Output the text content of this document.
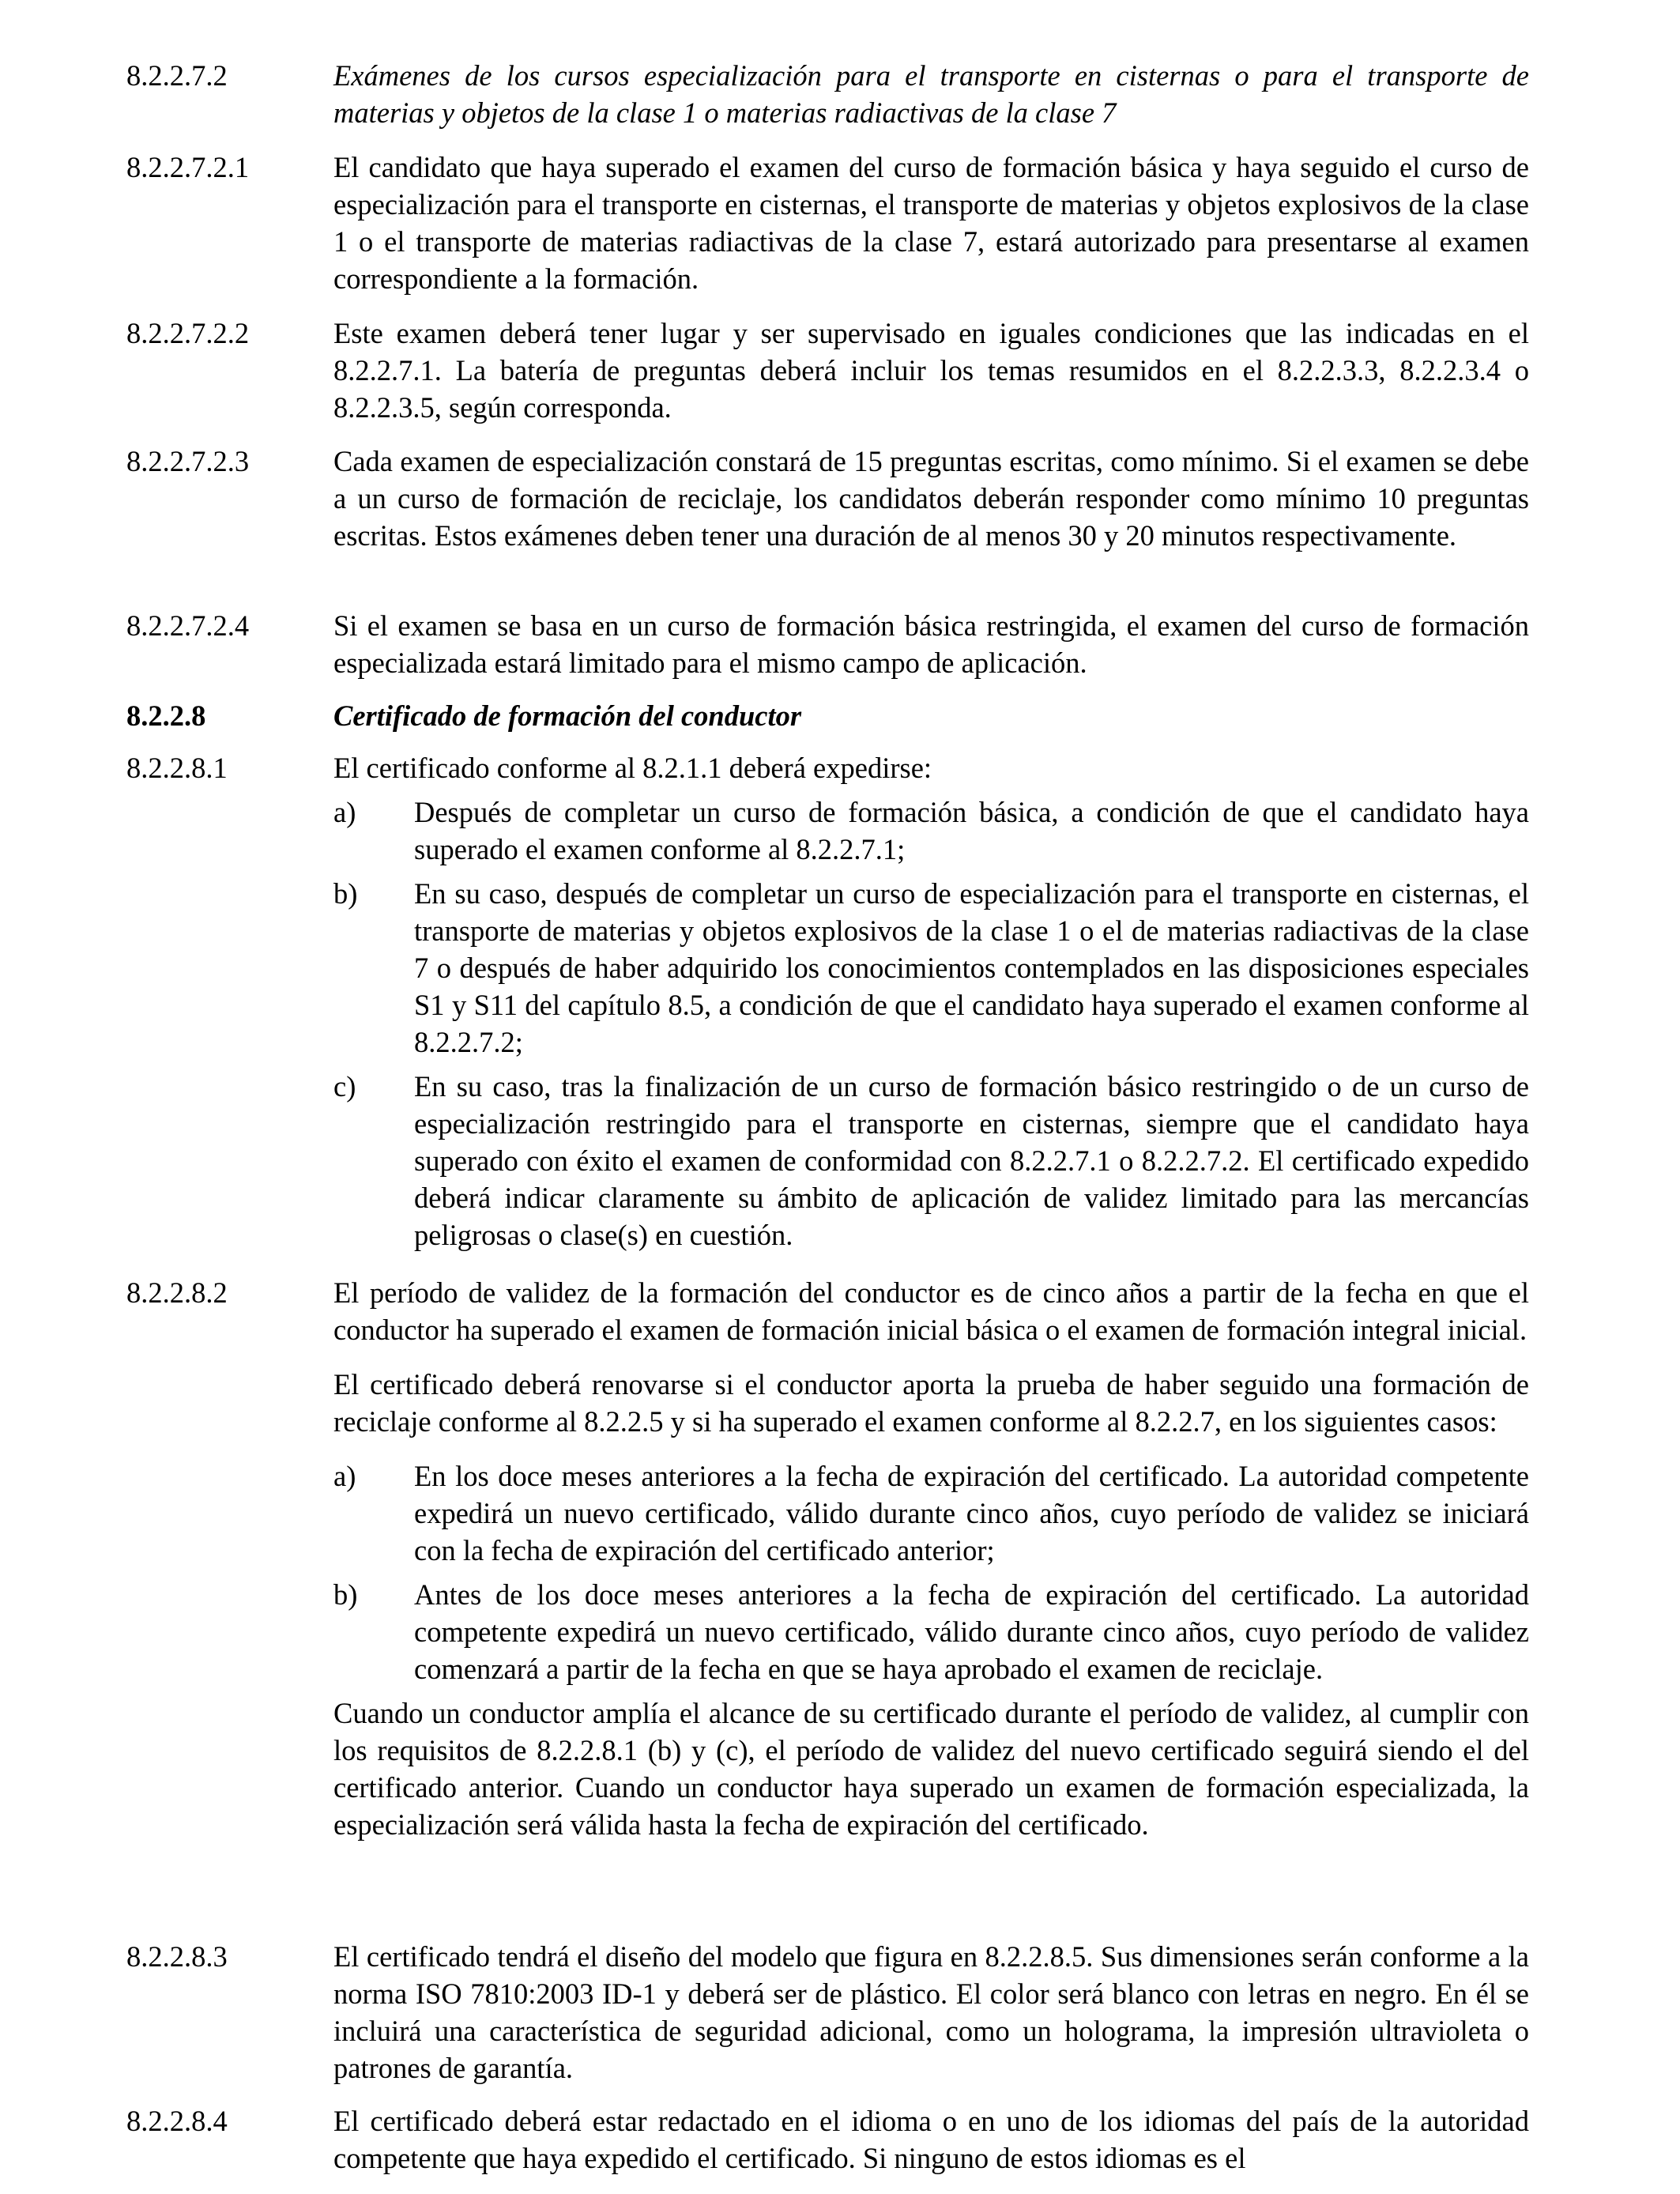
8.2.2.7.2	Exámenes de los cursos especialización para el transporte en cisternas o para el transporte de materias y objetos de la clase 1 o materias radiactivas de la clase 7

8.2.2.7.2.1	El candidato que haya superado el examen del curso de formación básica y haya seguido el curso de especialización para el transporte en cisternas, el transporte de materias y objetos explosivos de la clase 1 o el transporte de materias radiactivas de la clase 7, estará autorizado para presentarse al examen correspondiente a la formación.

8.2.2.7.2.2	Este examen deberá tener lugar y ser supervisado en iguales condiciones que las indicadas en el 8.2.2.7.1. La batería de preguntas deberá incluir los temas resumidos en el 8.2.2.3.3, 8.2.2.3.4 o 8.2.2.3.5, según corresponda.

8.2.2.7.2.3	Cada examen de especialización constará de 15 preguntas escritas, como mínimo. Si el examen se debe a un curso de formación de reciclaje, los candidatos deberán responder como mínimo 10 preguntas escritas. Estos exámenes deben tener una duración de al menos 30 y 20 minutos respectivamente.

8.2.2.7.2.4	Si el examen se basa en un curso de formación básica restringida, el examen del curso de formación especializada estará limitado para el mismo campo de aplicación.

8.2.2.8	Certificado de formación del conductor

8.2.2.8.1	El certificado conforme al 8.2.1.1 deberá expedirse:

a) Después de completar un curso de formación básica, a condición de que el candidato haya superado el examen conforme al 8.2.2.7.1;
b) En su caso, después de completar un curso de especialización para el transporte en cisternas, el transporte de materias y objetos explosivos de la clase 1 o el de materias radiactivas de la clase 7 o después de haber adquirido los conocimientos contemplados en las disposiciones especiales S1 y S11 del capítulo 8.5, a condición de que el candidato haya superado el examen conforme al 8.2.2.7.2;
c) En su caso, tras la finalización de un curso de formación básico restringido o de un curso de especialización restringido para el transporte en cisternas, siempre que el candidato haya superado con éxito el examen de conformidad con 8.2.2.7.1 o 8.2.2.7.2. El certificado expedido deberá indicar claramente su ámbito de aplicación de validez limitado para las mercancías peligrosas o clase(s) en cuestión.
8.2.2.8.2	El período de validez de la formación del conductor es de cinco años a partir de la fecha en que el conductor ha superado el examen de formación inicial básica o el examen de formación integral inicial.

El certificado deberá renovarse si el conductor aporta la prueba de haber seguido una formación de reciclaje conforme al 8.2.2.5 y si ha superado el examen conforme al 8.2.2.7, en los siguientes casos:

a) En los doce meses anteriores a la fecha de expiración del certificado. La autoridad competente expedirá un nuevo certificado, válido durante cinco años, cuyo período de validez se iniciará con la fecha de expiración del certificado anterior;
b) Antes de los doce meses anteriores a la fecha de expiración del certificado. La autoridad competente expedirá un nuevo certificado, válido durante cinco años, cuyo período de validez comenzará a partir de la fecha en que se haya aprobado el examen de reciclaje.

Cuando un conductor amplía el alcance de su certificado durante el período de validez, al cumplir con los requisitos de 8.2.2.8.1 (b) y (c), el período de validez del nuevo certificado seguirá siendo el del certificado anterior. Cuando un conductor haya superado un examen de formación especializada, la especialización será válida hasta la fecha de expiración del certificado.

8.2.2.8.3	El certificado tendrá el diseño del modelo que figura en 8.2.2.8.5. Sus dimensiones serán conforme a la norma ISO 7810:2003 ID-1 y deberá ser de plástico. El color será blanco con letras en negro. En él se incluirá una característica de seguridad adicional, como un holograma, la impresión ultravioleta o patrones de garantía.

8.2.2.8.4	El certificado deberá estar redactado en el idioma o en uno de los idiomas del país de la autoridad competente que haya expedido el certificado. Si ninguno de estos idiomas es el
